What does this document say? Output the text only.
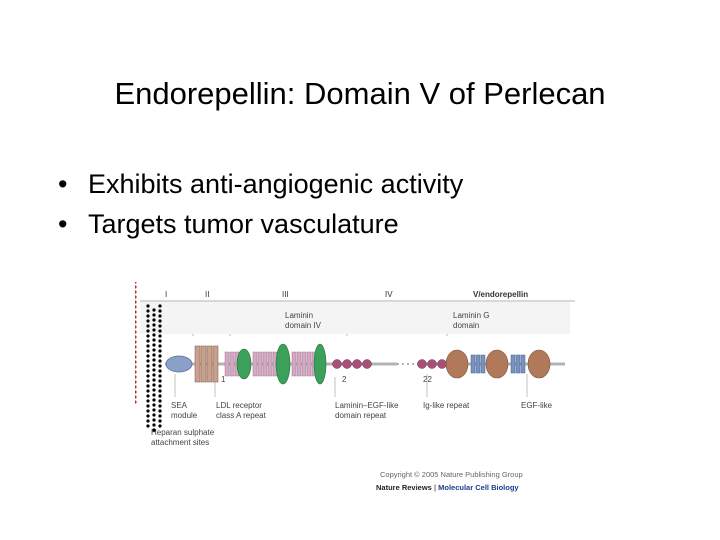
Endorepellin: Domain V of Perlecan
• Exhibits anti-angiogenic activity
• Targets tumor vasculature
I	II	III	IV	V/endorepellin
Laminin
domain IV
Laminin G
domain
1	2	22
SEA
module
LDL receptor
class A repeat
Laminin–EGF-like
domain repeat
Ig-like repeat	EGF-like
Heparan sulphate
attachment sites
Copyright © 2005 Nature Publishing Group
Nature Reviews | Molecular Cell Biology
